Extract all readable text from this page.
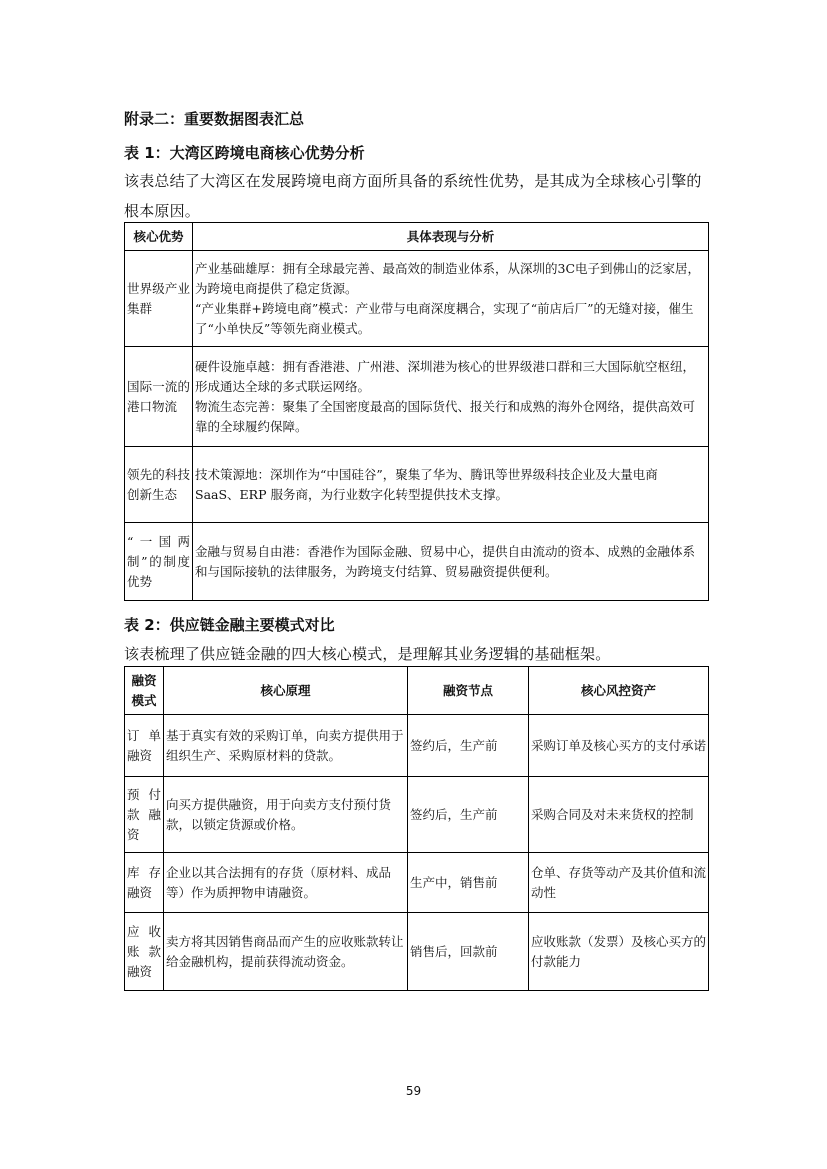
附录二：重要数据图表汇总
表 1：大湾区跨境电商核心优势分析
该表总结了大湾区在发展跨境电商方面所具备的系统性优势，是其成为全球核心引擎的根本原因。
核心优势	具体表现与分析
世界级产业集群	产业基础雄厚：拥有全球最完善、最高效的制造业体系，从深圳的3C电子到佛山的泛家居，为跨境电商提供了稳定货源。
“产业集群+跨境电商”模式：产业带与电商深度耦合，实现了“前店后厂”的无缝对接，催生了“小单快反”等领先商业模式。

国际一流的港口物流	硬件设施卓越：拥有香港港、广州港、深圳港为核心的世界级港口群和三大国际航空枢纽，形成通达全球的多式联运网络。
物流生态完善：聚集了全国密度最高的国际货代、报关行和成熟的海外仓网络，提供高效可靠的全球履约保障。

领先的科技创新生态	技术策源地：深圳作为“中国硅谷”，聚集了华为、腾讯等世界级科技企业及大量电商 SaaS、ERP 服务商，为行业数字化转型提供技术支撑。

“一国两制”的制度优势	金融与贸易自由港：香港作为国际金融、贸易中心，提供自由流动的资本、成熟的金融体系和与国际接轨的法律服务，为跨境支付结算、贸易融资提供便利。
表 2：供应链金融主要模式对比
该表梳理了供应链金融的四大核心模式，是理解其业务逻辑的基础框架。
融资模式	核心原理	融资节点	核心风控资产
订单融资	基于真实有效的采购订单，向卖方提供用于组织生产、采购原材料的贷款。	签约后，生产前	采购订单及核心买方的支付承诺
预付款融资	向买方提供融资，用于向卖方支付预付货款，以锁定货源或价格。	签约后，生产前	采购合同及对未来货权的控制
库存融资	企业以其合法拥有的存货（原材料、成品等）作为质押物申请融资。	生产中，销售前	仓单、存货等动产及其价值和流动性
应收账款融资	卖方将其因销售商品而产生的应收账款转让给金融机构，提前获得流动资金。	销售后，回款前	应收账款（发票）及核心买方的付款能力
59
